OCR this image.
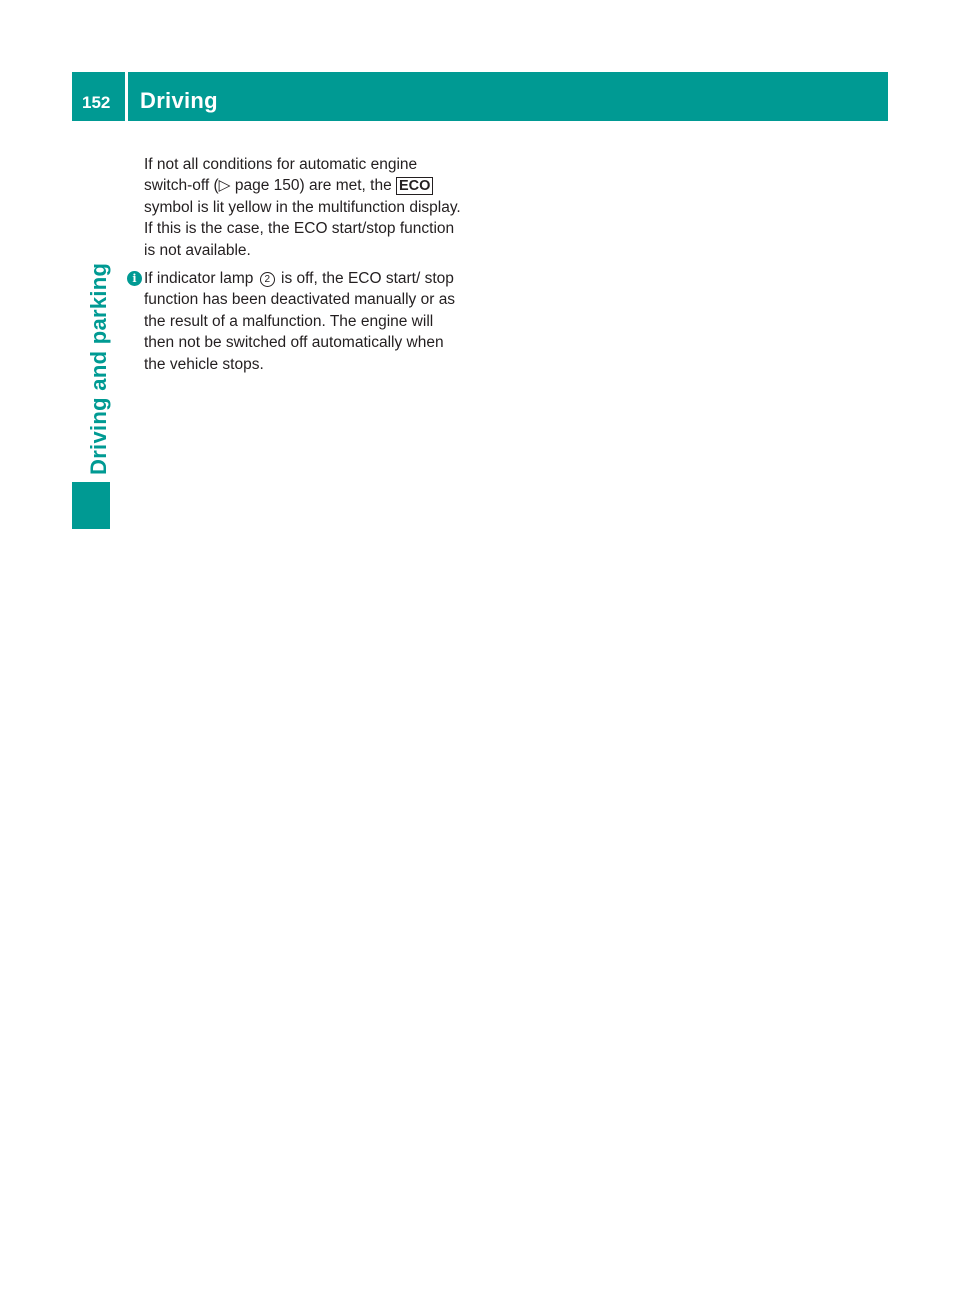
152	Driving
Driving and parking

If not all conditions for automatic engine switch-off (▷ page 150) are met, the ECO symbol is lit yellow in the multifunction display. If this is the case, the ECO start/stop function is not available.

i If indicator lamp 2 is off, the ECO start/ stop function has been deactivated manually or as the result of a malfunction. The engine will then not be switched off automatically when the vehicle stops.
